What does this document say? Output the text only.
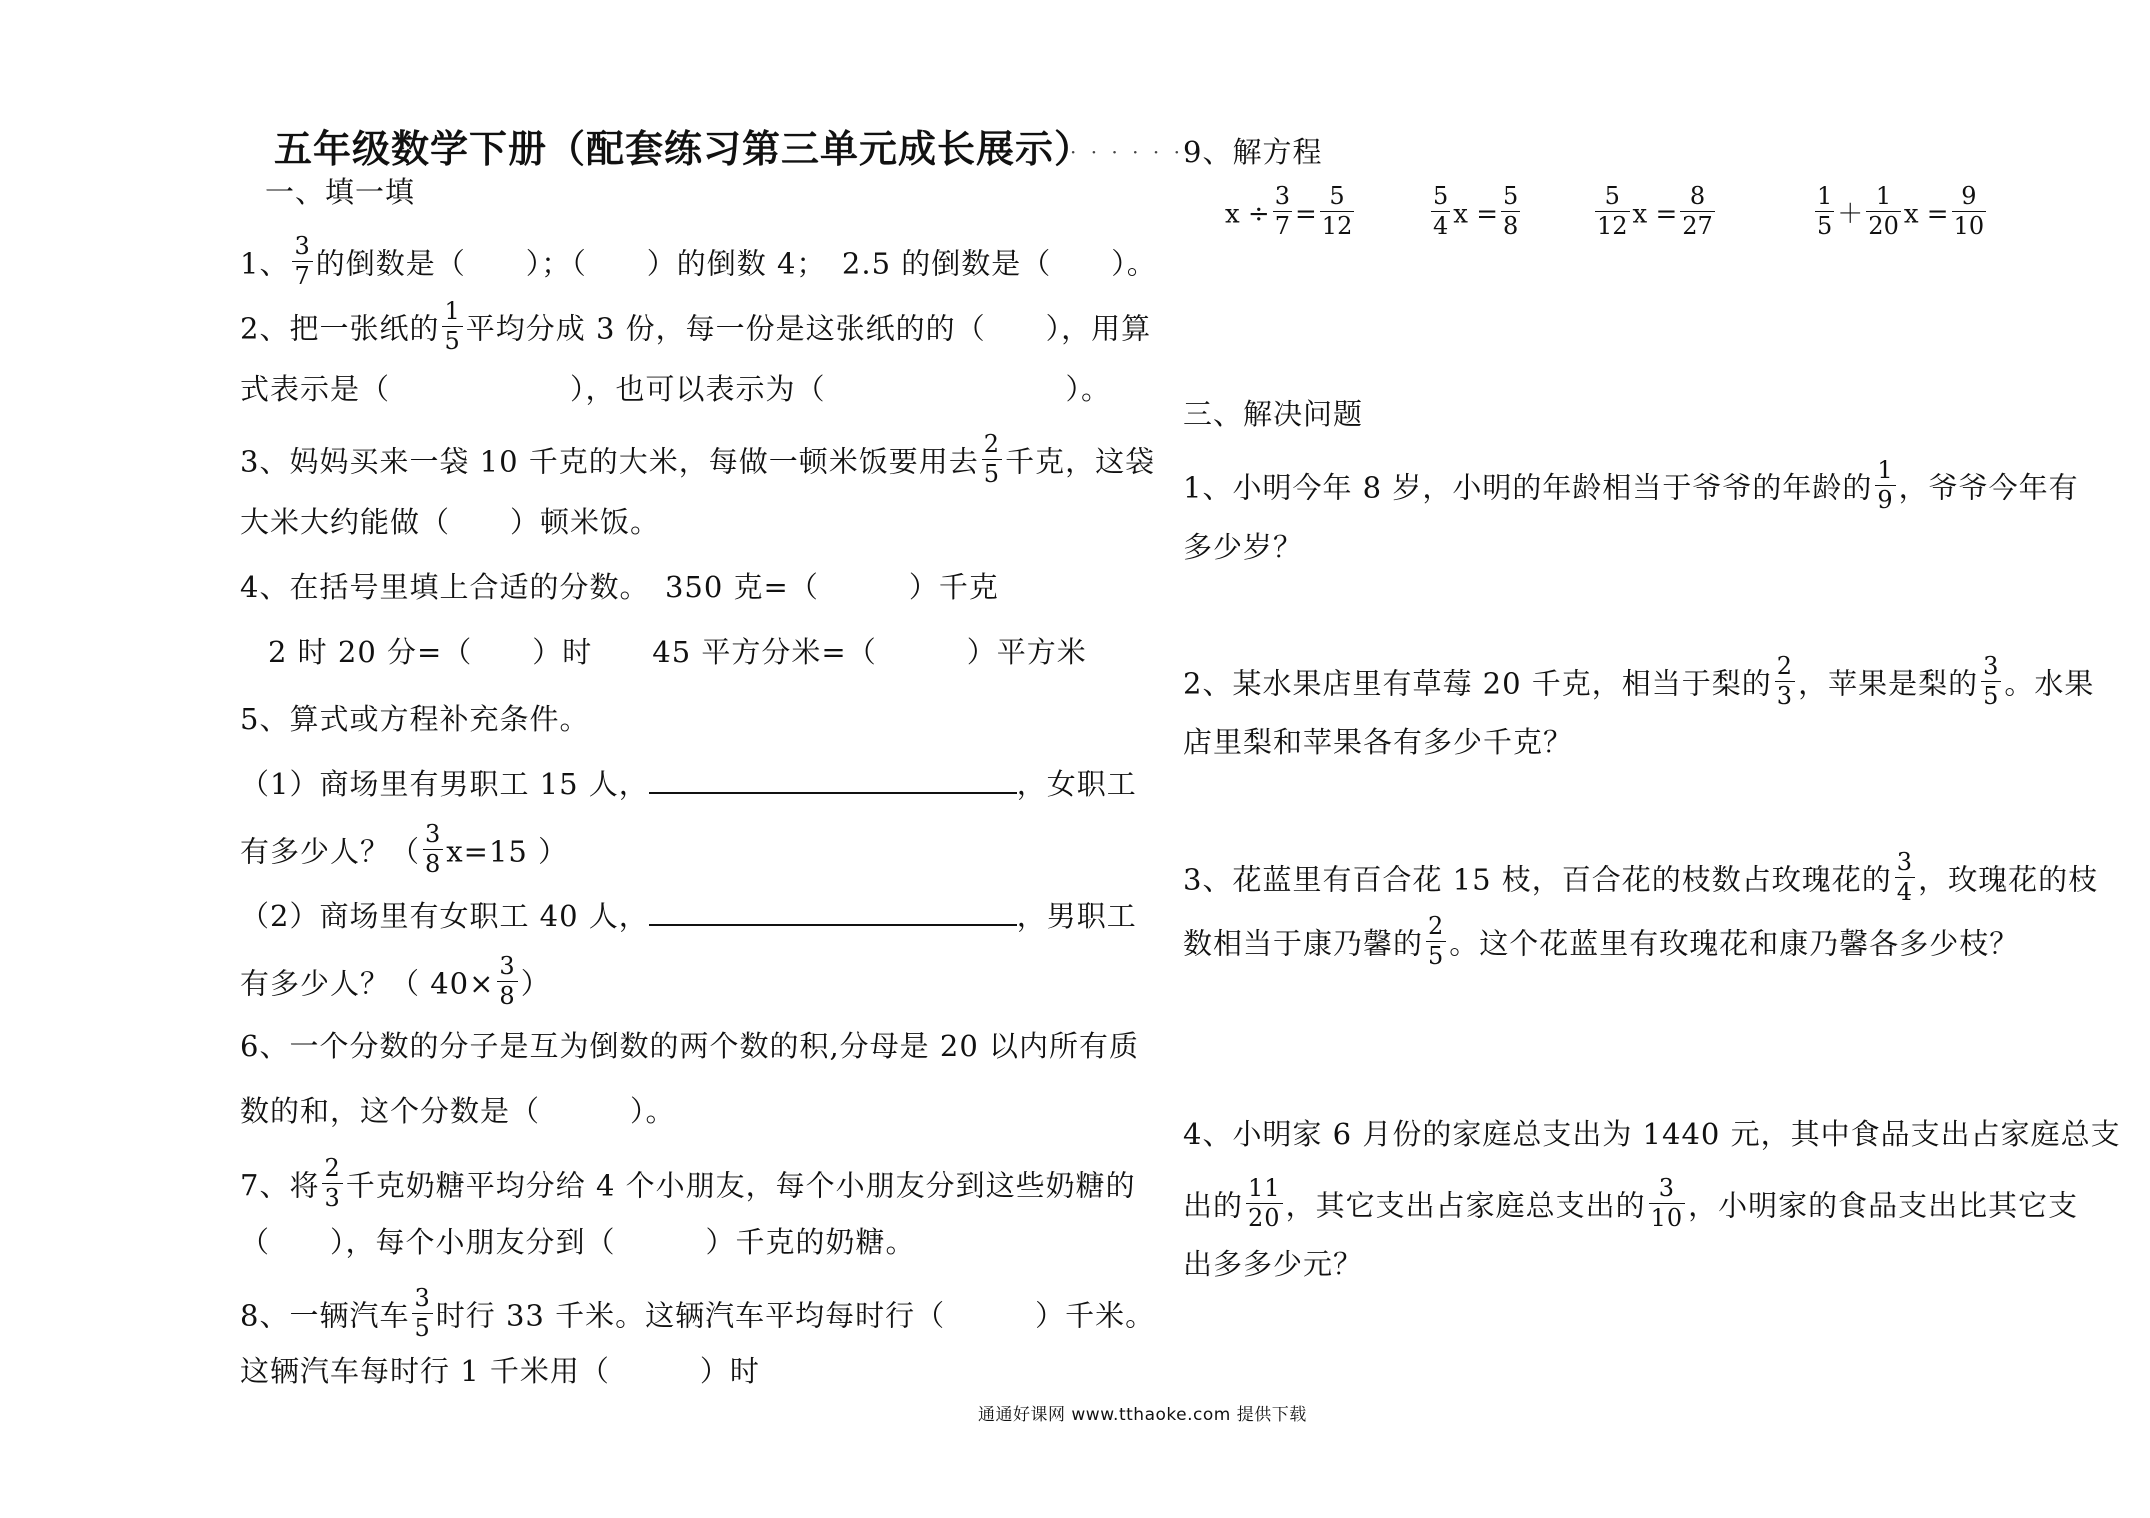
五年级数学下册（配套练习第三单元成长展示）
· · · · · · ·
一、填一填
1、 $\frac{3}{7}$ 的倒数是（　　）；（　　）的倒数 4；　2.5 的倒数是（　　）。
2、把一张纸的 $\frac{1}{5}$ 平均分成 3 份，每一份是这张纸的的（　　），用算
式表示是（　　　　　　），也可以表示为（　　　　　　　　）。
3、妈妈买来一袋 10 千克的大米，每做一顿米饭要用去 $\frac{2}{5}$ 千克，这袋
大米大约能做（　　）顿米饭。
4、在括号里填上合适的分数。　350 克=（　　　）千克
2 时 20 分=（　　）时　　45 平方分米=（　　　）平方米
5、算式或方程补充条件。
（1）商场里有男职工 15 人，	，女职工
有多少人？（ $\frac{3}{8} x=15$ ）
（2）商场里有女职工 40 人，	，男职工
有多少人？（ $40\times \frac{3}{8}$ ）
6、一个分数的分子是互为倒数的两个数的积,分母是 20 以内所有质
数的和，这个分数是（　　　）。
7、将 $\frac{2}{3}$ 千克奶糖平均分给 4 个小朋友，每个小朋友分到这些奶糖的
（　　），每个小朋友分到（　　　）千克的奶糖。
8、一辆汽车 $\frac{3}{5}$ 时行 33 千米。这辆汽车平均每时行（　　　）千米。
这辆汽车每时行 1 千米用（　　　）时
9、解方程
$x \div \frac{3}{7} = \frac{5}{12}$	$\frac{5}{4}$ $x = \frac{5}{8}$	$\frac{5}{12}$ $x = \frac{8}{27}$	$\frac{1}{5} + \frac{1}{20}$ $x = \frac{9}{10}$
三、解决问题
1、小明今年 8 岁，小明的年龄相当于爷爷的年龄的 $\frac{1}{9}$ ，爷爷今年有
多少岁？
2、某水果店里有草莓 20 千克，相当于梨的 $\frac{2}{3}$ ，苹果是梨的 $\frac{3}{5}$ 。水果
店里梨和苹果各有多少千克？
3、花蓝里有百合花 15 枝，百合花的枝数占玫瑰花的 $\frac{3}{4}$ ，玫瑰花的枝
数相当于康乃馨的 $\frac{2}{5}$ 。这个花蓝里有玫瑰花和康乃馨各多少枝？
4、小明家 6 月份的家庭总支出为 1440 元，其中食品支出占家庭总支
出的 $\frac{11}{20}$ ，其它支出占家庭总支出的 $\frac{3}{10}$ ，小明家的食品支出比其它支
出多多少元？
通通好课网 www.tthaoke.com 提供下载
